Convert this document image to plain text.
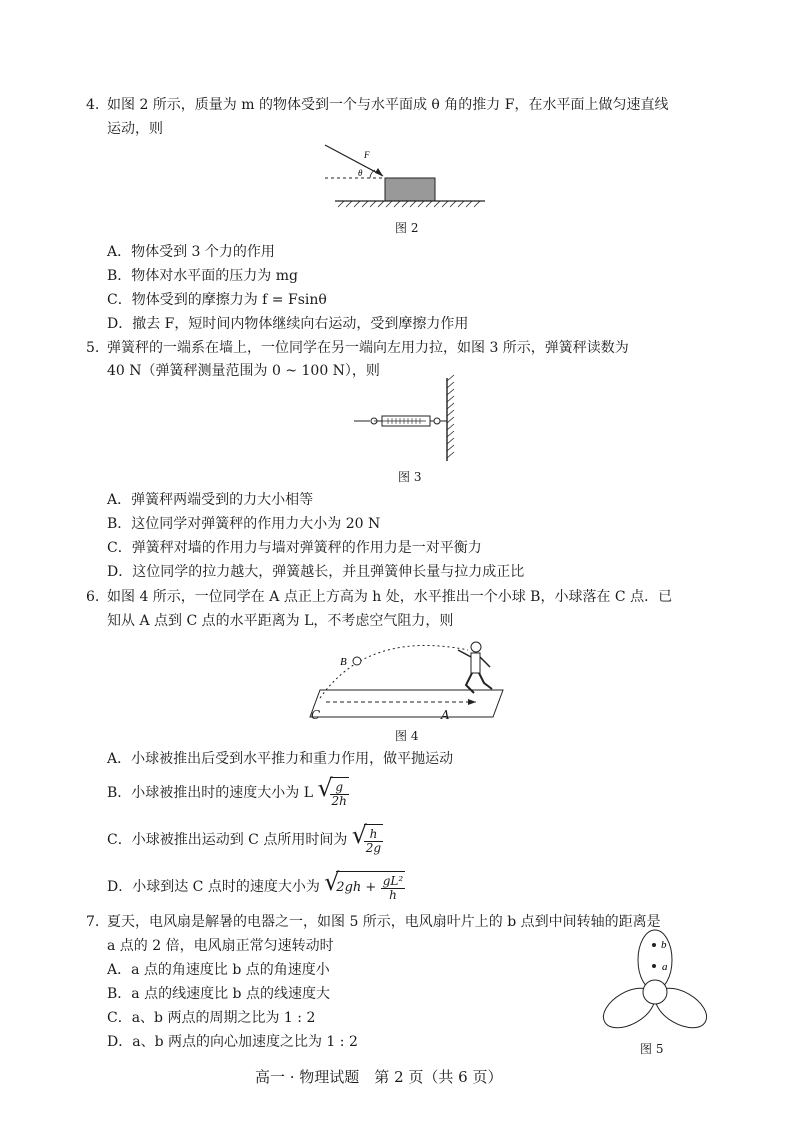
4. 如图 2 所示，质量为 m 的物体受到一个与水平面成 θ 角的推力 F，在水平面上做匀速直线
运动，则
F
θ
图 2
A．物体受到 3 个力的作用
B．物体对水平面的压力为 mg
C．物体受到的摩擦力为 f = Fsinθ
D．撤去 F，短时间内物体继续向右运动，受到摩擦力作用
5. 弹簧秤的一端系在墙上，一位同学在另一端向左用力拉，如图 3 所示，弹簧秤读数为
40 N（弹簧秤测量范围为 0 ~ 100 N），则
图 3
A．弹簧秤两端受到的力大小相等
B．这位同学对弹簧秤的作用力大小为 20 N
C．弹簧秤对墙的作用力与墙对弹簧秤的作用力是一对平衡力
D．这位同学的拉力越大，弹簧越长，并且弹簧伸长量与拉力成正比
6. 如图 4 所示，一位同学在 A 点正上方高为 h 处，水平推出一个小球 B，小球落在 C 点．已
知从 A 点到 C 点的水平距离为 L，不考虑空气阻力，则
B
C	A
图 4
A．小球被推出后受到水平推力和重力作用，做平抛运动
B．小球被推出时的速度大小为 L √
$\frac{g}{2h}$
C．小球被推出运动到 C 点所用时间为 √
$\frac{h}{2g}$
D．小球到达 C 点时的速度大小为 √
$2gh + \frac{\text{gL²}}{h}$
7. 夏天，电风扇是解暑的电器之一，如图 5 所示，电风扇叶片上的 b 点到中间转轴的距离是
a 点的 2 倍，电风扇正常匀速转动时
A．a 点的角速度比 b 点的角速度小
B．a 点的线速度比 b 点的线速度大
C．a、b 两点的周期之比为 1 : 2
D．a、b 两点的向心加速度之比为 1 : 2
b
a
图 5
高一 · 物理试题　第 2 页（共 6 页）
